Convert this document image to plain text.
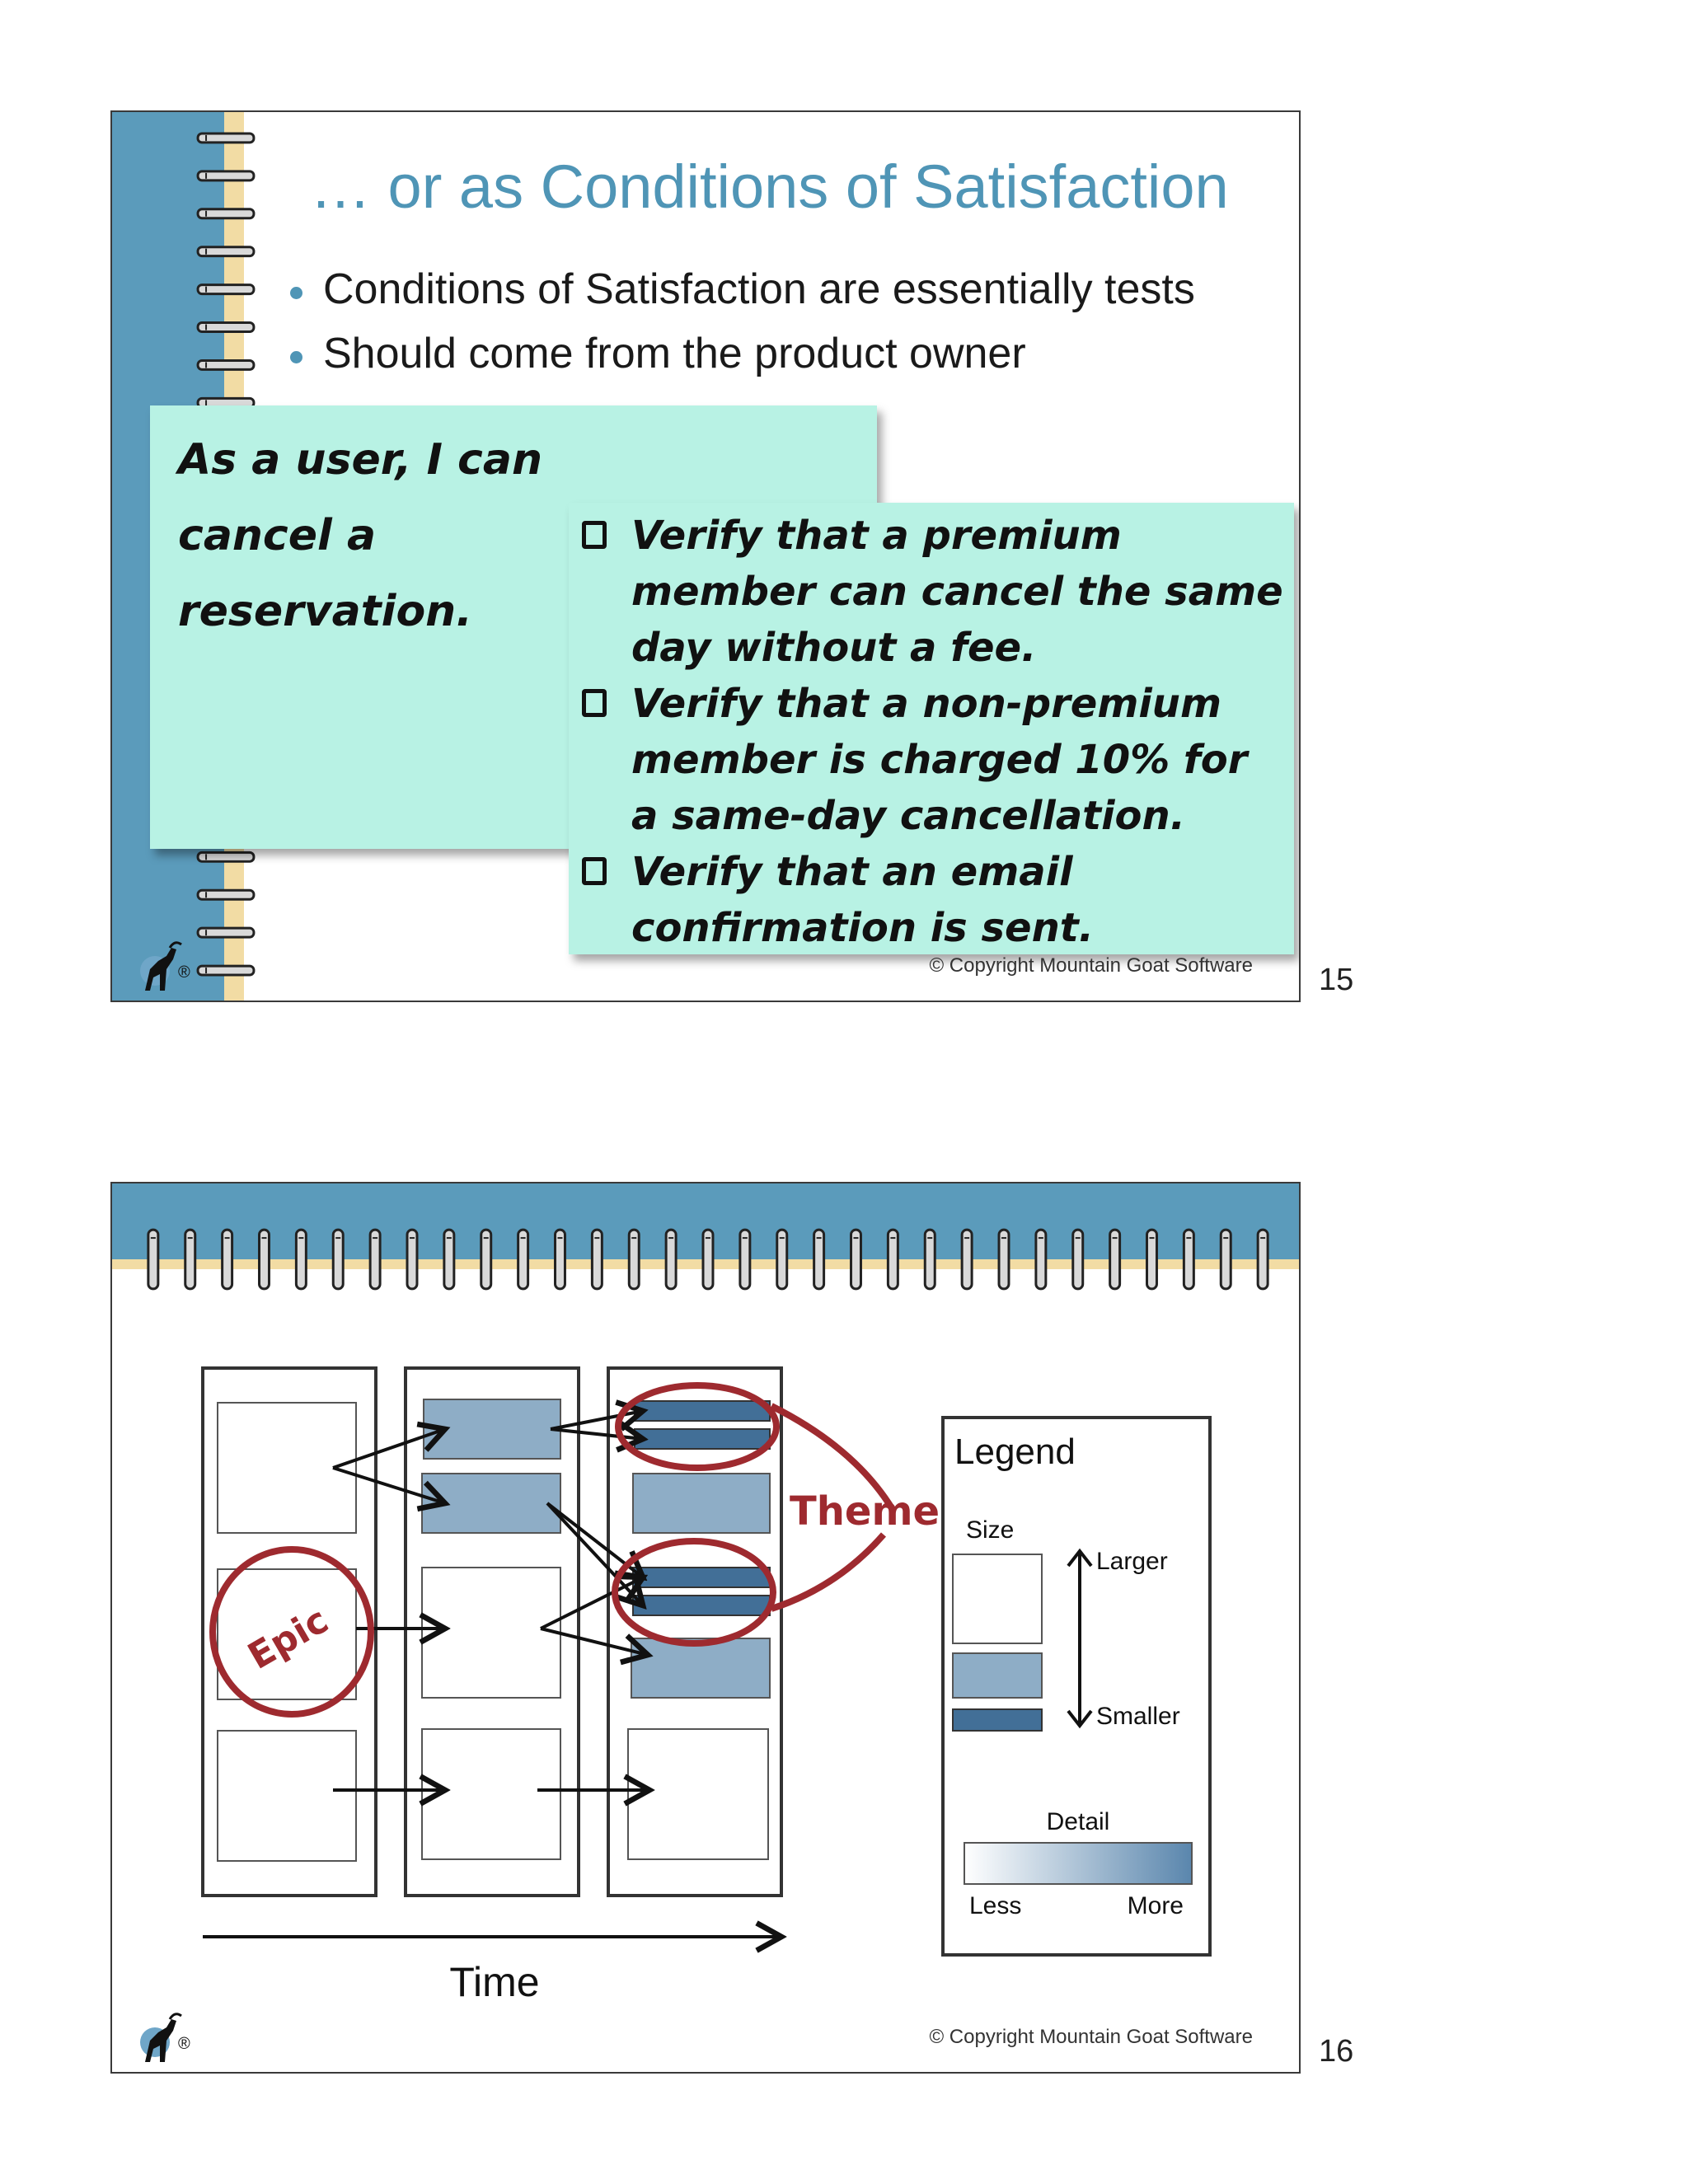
… or as Conditions of Satisfaction
Conditions of Satisfaction are essentially tests
Should come from the product owner
As a user, I can cancel a reservation.
Verify that a premium member can cancel the same day without a fee.
Verify that a non-premium member is charged 10% for a same-day cancellation.
Verify that an email confirmation is sent.
®	© Copyright Mountain Goat Software 15
Time
Epic
Theme
Legend
Size
Larger
Smaller
Detail
Less	More
®	© Copyright Mountain Goat Software 16
